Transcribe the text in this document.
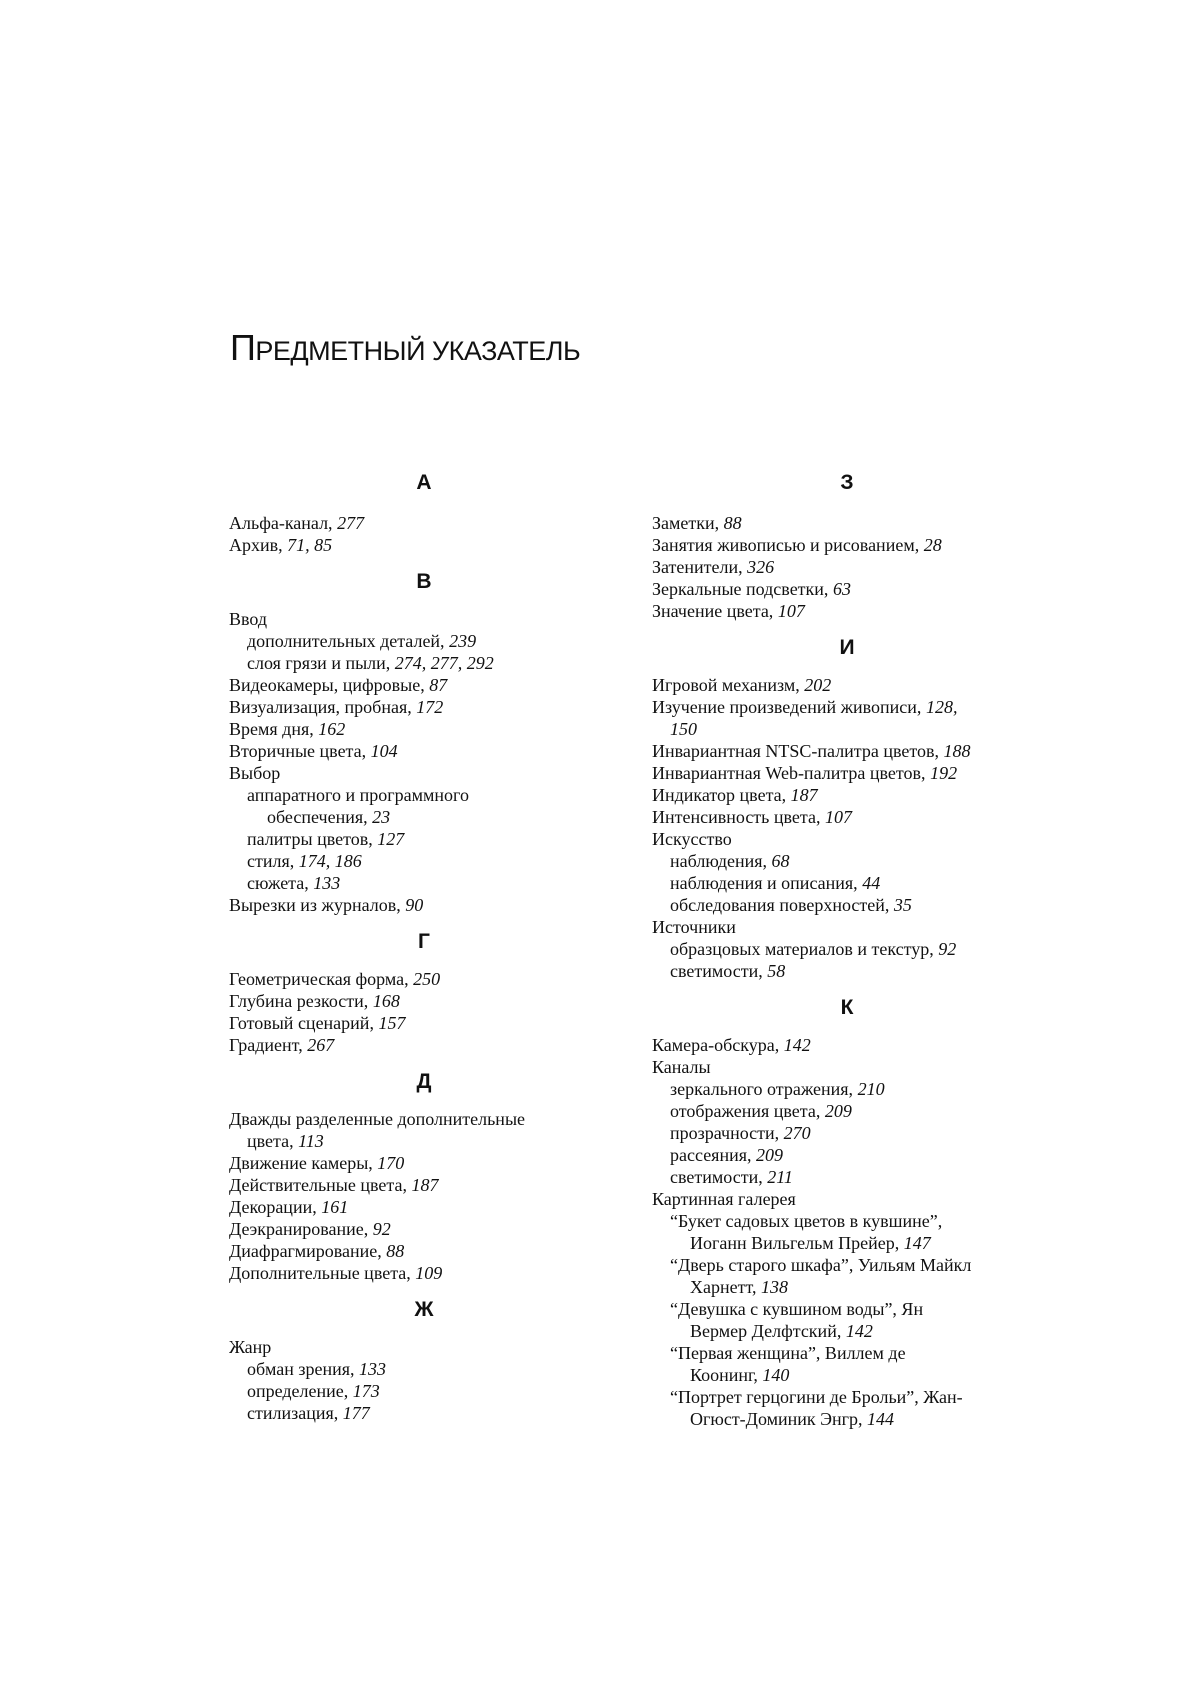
ПРЕДМЕТНЫЙ УКАЗАТЕЛЬ
А
Альфа-канал, 277
Архив, 71, 85
В
Ввод
дополнительных деталей, 239
слоя грязи и пыли, 274, 277, 292
Видеокамеры, цифровые, 87
Визуализация, пробная, 172
Время дня, 162
Вторичные цвета, 104
Выбор
аппаратного и программного
обеспечения, 23
палитры цветов, 127
стиля, 174, 186
сюжета, 133
Вырезки из журналов, 90
Г
Геометрическая форма, 250
Глубина резкости, 168
Готовый сценарий, 157
Градиент, 267
Д
Дважды разделенные дополнительные
цвета, 113
Движение камеры, 170
Действительные цвета, 187
Декорации, 161
Деэкранирование, 92
Диафрагмирование, 88
Дополнительные цвета, 109
Ж
Жанр
обман зрения, 133
определение, 173
стилизация, 177
З
Заметки, 88
Занятия живописью и рисованием, 28
Затенители, 326
Зеркальные подсветки, 63
Значение цвета, 107
И
Игровой механизм, 202
Изучение произведений живописи, 128,
150
Инвариантная NTSC-палитра цветов, 188
Инвариантная Web-палитра цветов, 192
Индикатор цвета, 187
Интенсивность цвета, 107
Искусство
наблюдения, 68
наблюдения и описания, 44
обследования поверхностей, 35
Источники
образцовых материалов и текстур, 92
светимости, 58
К
Камера-обскура, 142
Каналы
зеркального отражения, 210
отображения цвета, 209
прозрачности, 270
рассеяния, 209
светимости, 211
Картинная галерея
“Букет садовых цветов в кувшине”,
Иоганн Вильгельм Прейер, 147
“Дверь старого шкафа”, Уильям Майкл
Харнетт, 138
“Девушка с кувшином воды”, Ян
Вермер Делфтский, 142
“Первая женщина”, Виллем де
Коонинг, 140
“Портрет герцогини де Брольи”, Жан-
Огюст-Доминик Энгр, 144
